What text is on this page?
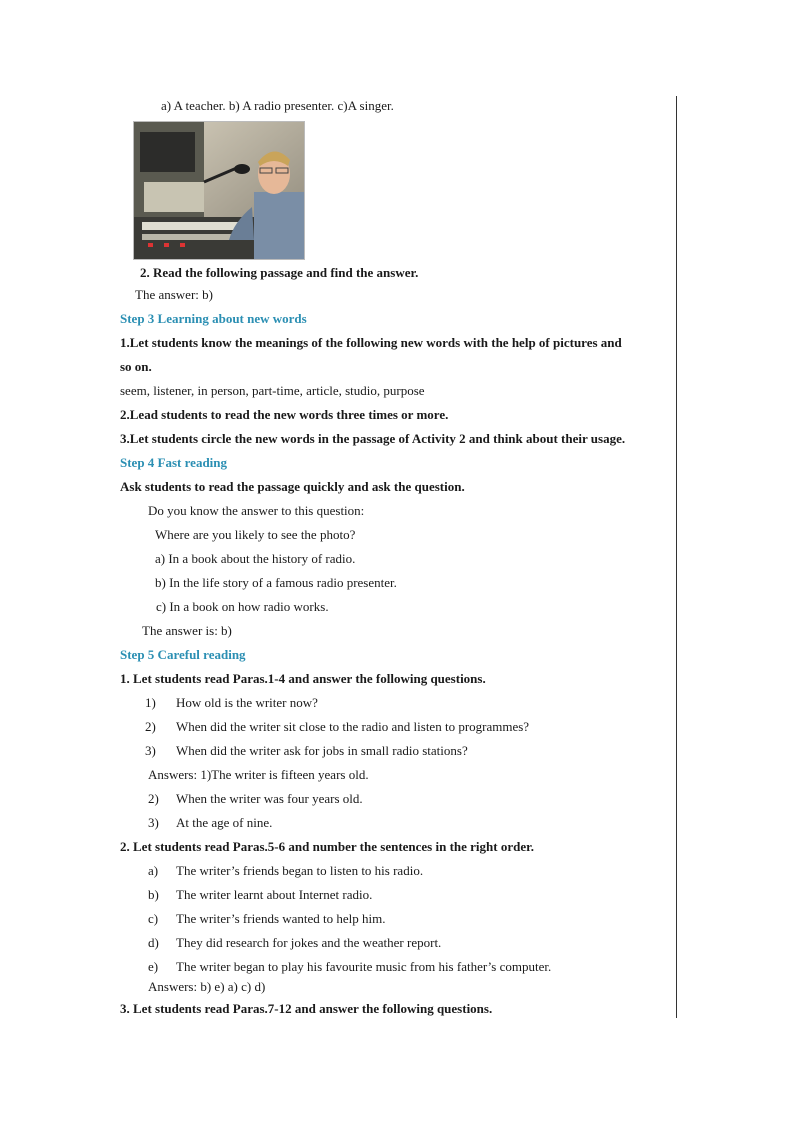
a) A teacher. b) A radio presenter. c)A singer.
2. Read the following passage and find the answer.
The answer: b)
Step 3 Learning about new words
1.Let students know the meanings of the following new words with the help of pictures and
so on.
seem, listener, in person, part-time, article, studio, purpose
2.Lead students to read the new words three times or more.
3.Let students circle the new words in the passage of Activity 2 and think about their usage.
Step 4 Fast reading
Ask students to read the passage quickly and ask the question.
Do you know the answer to this question:
Where are you likely to see the photo?
a) In a book about the history of radio.
b) In the life story of a famous radio presenter.
c) In a book on how radio works.
The answer is: b)
Step 5 Careful reading
1. Let students read Paras.1-4 and answer the following questions.
1) How old is the writer now?
2) When did the writer sit close to the radio and listen to programmes?
3) When did the writer ask for jobs in small radio stations?
Answers: 1)The writer is fifteen years old.
2) When the writer was four years old.
3) At the age of nine.
2. Let students read Paras.5-6 and number the sentences in the right order.
a) The writer’s friends began to listen to his radio.
b) The writer learnt about Internet radio.
c) The writer’s friends wanted to help him.
d) They did research for jokes and the weather report.
e) The writer began to play his favourite music from his father’s computer.
Answers: b) e) a) c) d)
3. Let students read Paras.7-12 and answer the following questions.
